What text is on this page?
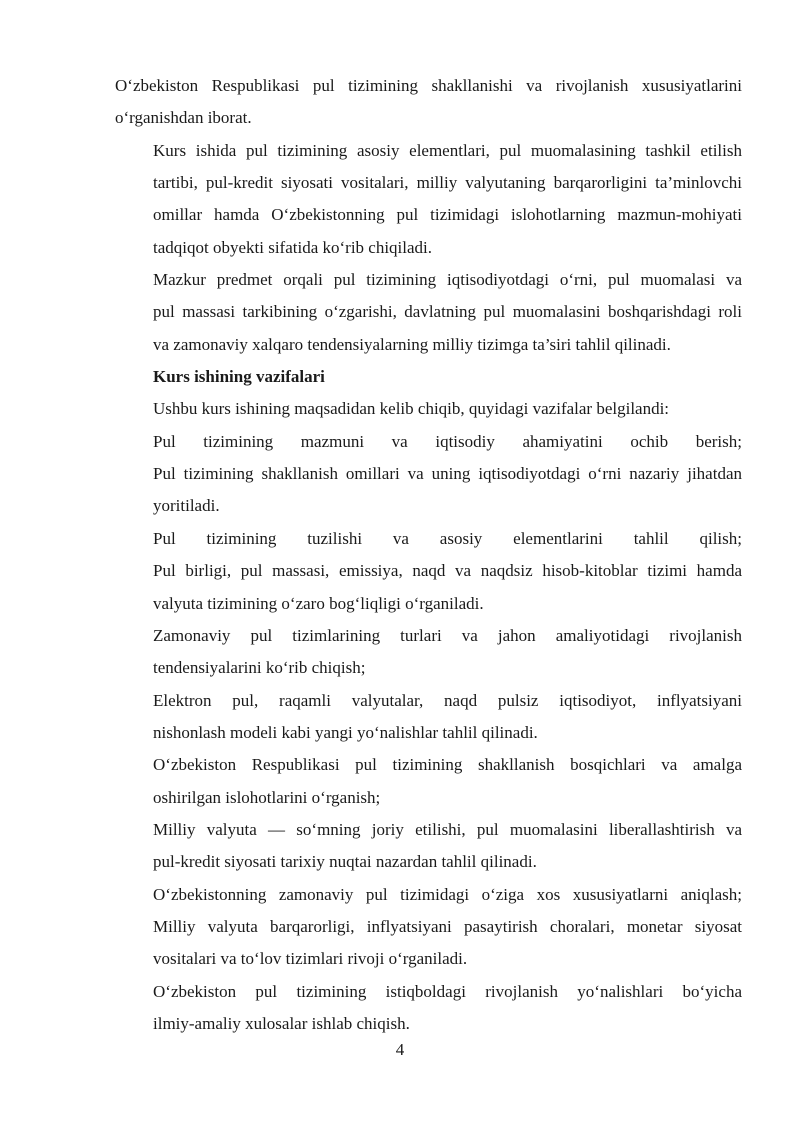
O‘zbekiston Respublikasi pul tizimining shakllanishi va rivojlanish xususiyatlarini
o‘rganishdan iborat.

Kurs ishida pul tizimining asosiy elementlari, pul muomalasining tashkil etilish
tartibi, pul-kredit siyosati vositalari, milliy valyutaning barqarorligini ta’minlovchi
omillar hamda O‘zbekistonning pul tizimidagi islohotlarning mazmun-mohiyati
tadqiqot obyekti sifatida ko‘rib chiqiladi.

Mazkur predmet orqali pul tizimining iqtisodiyotdagi o‘rni, pul muomalasi va
pul massasi tarkibining o‘zgarishi, davlatning pul muomalasini boshqarishdagi roli
va zamonaviy xalqaro tendensiyalarning milliy tizimga ta’siri tahlil qilinadi.

Kurs ishining vazifalari

Ushbu kurs ishining maqsadidan kelib chiqib, quyidagi vazifalar belgilandi:

Pul tizimining mazmuni va iqtisodiy ahamiyatini ochib berish;
Pul tizimining shakllanish omillari va uning iqtisodiyotdagi o‘rni nazariy jihatdan
yoritiladi.

Pul tizimining tuzilishi va asosiy elementlarini tahlil qilish;
Pul birligi, pul massasi, emissiya, naqd va naqdsiz hisob-kitoblar tizimi hamda
valyuta tizimining o‘zaro bog‘liqligi o‘rganiladi.

Zamonaviy pul tizimlarining turlari va jahon amaliyotidagi rivojlanish
tendensiyalarini ko‘rib chiqish;

Elektron pul, raqamli valyutalar, naqd pulsiz iqtisodiyot, inflyatsiyani
nishonlash modeli kabi yangi yo‘nalishlar tahlil qilinadi.

O‘zbekiston Respublikasi pul tizimining shakllanish bosqichlari va amalga
oshirilgan islohotlarini o‘rganish;

Milliy valyuta — so‘mning joriy etilishi, pul muomalasini liberallashtirish va
pul-kredit siyosati tarixiy nuqtai nazardan tahlil qilinadi.

O‘zbekistonning zamonaviy pul tizimidagi o‘ziga xos xususiyatlarni aniqlash;
Milliy valyuta barqarorligi, inflyatsiyani pasaytirish choralari, monetar siyosat
vositalari va to‘lov tizimlari rivoji o‘rganiladi.

O‘zbekiston pul tizimining istiqboldagi rivojlanish yo‘nalishlari bo‘yicha
ilmiy-amaliy xulosalar ishlab chiqish.

4
